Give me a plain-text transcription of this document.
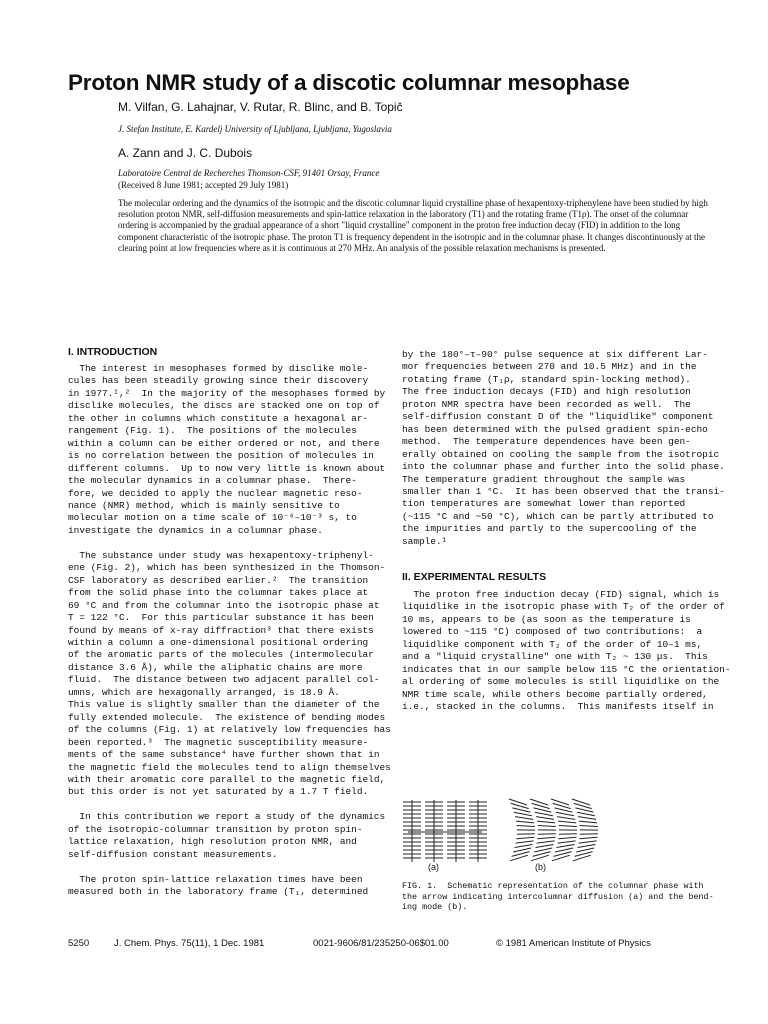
Proton NMR study of a discotic columnar mesophase
M. Vilfan, G. Lahajnar, V. Rutar, R. Blinc, and B. Topič
J. Stefan Institute, E. Kardelj University of Ljubljana, Ljubljana, Yugoslavia
A. Zann and J. C. Dubois
Laboratoire Central de Recherches Thomson-CSF, 91401 Orsay, France
(Received 8 June 1981; accepted 29 July 1981)
The molecular ordering and the dynamics of the isotropic and the discotic columnar liquid crystalline phase of hexapentoxy-triphenylene have been studied by high resolution proton NMR, self-diffusion measurements and spin-lattice relaxation in the laboratory (T1) and the rotating frame (T1ρ). The onset of the columnar ordering is accompanied by the gradual appearance of a short "liquid crystalline" component in the proton free induction decay (FID) in addition to the long component characteristic of the isotropic phase. The proton T1 is frequency dependent in the isotropic and in the columnar phase. It changes discontinuously at the clearing point at low frequencies where as it is continuous at 270 MHz. An analysis of the possible relaxation mechanisms is presented.
I. INTRODUCTION
The interest in mesophases formed by disclike mole-
cules has been steadily growing since their discovery
in 1977.¹,²  In the majority of the mesophases formed by
disclike molecules, the discs are stacked one on top of
the other in columns which constitute a hexagonal ar-
rangement (Fig. 1).  The positions of the molecules
within a column can be either ordered or not, and there
is no correlation between the position of molecules in
different columns.  Up to now very little is known about
the molecular dynamics in a columnar phase.  There-
fore, we decided to apply the nuclear magnetic reso-
nance (NMR) method, which is mainly sensitive to
molecular motion on a time scale of 10⁻⁶–10⁻³ s, to
investigate the dynamics in a columnar phase.

The substance under study was hexapentoxy-triphenyl-
ene (Fig. 2), which has been synthesized in the Thomson-
CSF laboratory as described earlier.²  The transition
from the solid phase into the columnar takes place at
69 °C and from the columnar into the isotropic phase at
T = 122 °C.  For this particular substance it has been
found by means of x-ray diffraction³ that there exists
within a column a one-dimensional positional ordering
of the aromatic parts of the molecules (intermolecular
distance 3.6 Å), while the aliphatic chains are more
fluid.  The distance between two adjacent parallel col-
umns, which are hexagonally arranged, is 18.9 Å.
This value is slightly smaller than the diameter of the
fully extended molecule.  The existence of bending modes
of the columns (Fig. 1) at relatively low frequencies has
been reported.³  The magnetic susceptibility measure-
ments of the same substance⁴ have further shown that in
the magnetic field the molecules tend to align themselves
with their aromatic core parallel to the magnetic field,
but this order is not yet saturated by a 1.7 T field.

In this contribution we report a study of the dynamics
of the isotropic-columnar transition by proton spin-
lattice relaxation, high resolution proton NMR, and
self-diffusion constant measurements.

The proton spin-lattice relaxation times have been
measured both in the laboratory frame (T₁, determined
by the 180°–τ–90° pulse sequence at six different Lar-
mor frequencies between 270 and 10.5 MHz) and in the
rotating frame (T₁ρ, standard spin-locking method).
The free induction decays (FID) and high resolution
proton NMR spectra have been recorded as well.  The
self-diffusion constant D of the "liquidlike" component
has been determined with the pulsed gradient spin-echo
method.  The temperature dependences have been gen-
erally obtained on cooling the sample from the isotropic
into the columnar phase and further into the solid phase.
The temperature gradient throughout the sample was
smaller than 1 °C.  It has been observed that the transi-
tion temperatures are somewhat lower than reported
(~115 °C and ~50 °C), which can be partly attributed to
the impurities and partly to the supercooling of the
sample.¹
II. EXPERIMENTAL RESULTS
The proton free induction decay (FID) signal, which is
liquidlike in the isotropic phase with T₂ of the order of
10 ms, appears to be (as soon as the temperature is
lowered to ~115 °C) composed of two contributions:  a
liquidlike component with T₂ of the order of 10–1 ms,
and a "liquid crystalline" one with T₂ ~ 130 μs.  This
indicates that in our sample below 115 °C the orientation-
al ordering of some molecules is still liquidlike on the
NMR time scale, while others become partially ordered,
i.e., stacked in the columns.  This manifests itself in
(a)	(b)
FIG. 1.  Schematic representation of the columnar phase with
the arrow indicating intercolumnar diffusion (a) and the bend-
ing mode (b).
5250	J. Chem. Phys. 75(11), 1 Dec. 1981	0021-9606/81/235250-06$01.00	© 1981 American Institute of Physics
